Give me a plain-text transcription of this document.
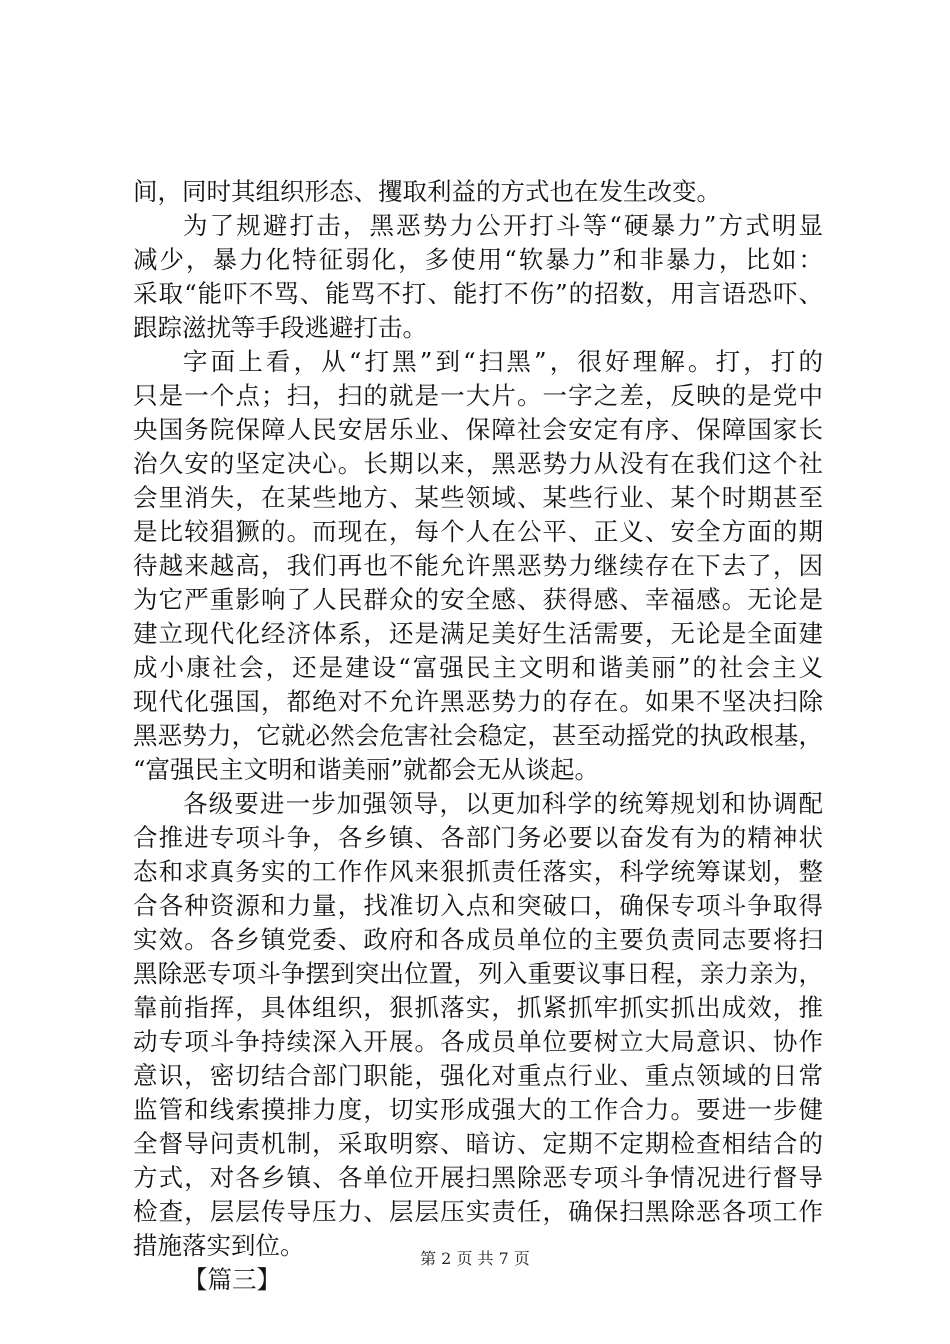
间，同时其组织形态、攫取利益的方式也在发生改变。
为了规避打击，黑恶势力公开打斗等“硬暴力”方式明显
减少，暴力化特征弱化，多使用“软暴力”和非暴力，比如：
采取“能吓不骂、能骂不打、能打不伤”的招数，用言语恐吓、
跟踪滋扰等手段逃避打击。
字面上看，从“打黑”到“扫黑”，很好理解。打，打的
只是一个点；扫，扫的就是一大片。一字之差，反映的是党中
央国务院保障人民安居乐业、保障社会安定有序、保障国家长
治久安的坚定决心。长期以来，黑恶势力从没有在我们这个社
会里消失，在某些地方、某些领域、某些行业、某个时期甚至
是比较猖獗的。而现在，每个人在公平、正义、安全方面的期
待越来越高，我们再也不能允许黑恶势力继续存在下去了，因
为它严重影响了人民群众的安全感、获得感、幸福感。无论是
建立现代化经济体系，还是满足美好生活需要，无论是全面建
成小康社会，还是建设“富强民主文明和谐美丽”的社会主义
现代化强国，都绝对不允许黑恶势力的存在。如果不坚决扫除
黑恶势力，它就必然会危害社会稳定，甚至动摇党的执政根基，
“富强民主文明和谐美丽”就都会无从谈起。
各级要进一步加强领导，以更加科学的统筹规划和协调配
合推进专项斗争，各乡镇、各部门务必要以奋发有为的精神状
态和求真务实的工作作风来狠抓责任落实，科学统筹谋划，整
合各种资源和力量，找准切入点和突破口，确保专项斗争取得
实效。各乡镇党委、政府和各成员单位的主要负责同志要将扫
黑除恶专项斗争摆到突出位置，列入重要议事日程，亲力亲为，
靠前指挥，具体组织，狠抓落实，抓紧抓牢抓实抓出成效，推
动专项斗争持续深入开展。各成员单位要树立大局意识、协作
意识，密切结合部门职能，强化对重点行业、重点领域的日常
监管和线索摸排力度，切实形成强大的工作合力。要进一步健
全督导问责机制，采取明察、暗访、定期不定期检查相结合的
方式，对各乡镇、各单位开展扫黑除恶专项斗争情况进行督导
检查，层层传导压力、层层压实责任，确保扫黑除恶各项工作
措施落实到位。
【篇三】
第 2 页 共 7 页
